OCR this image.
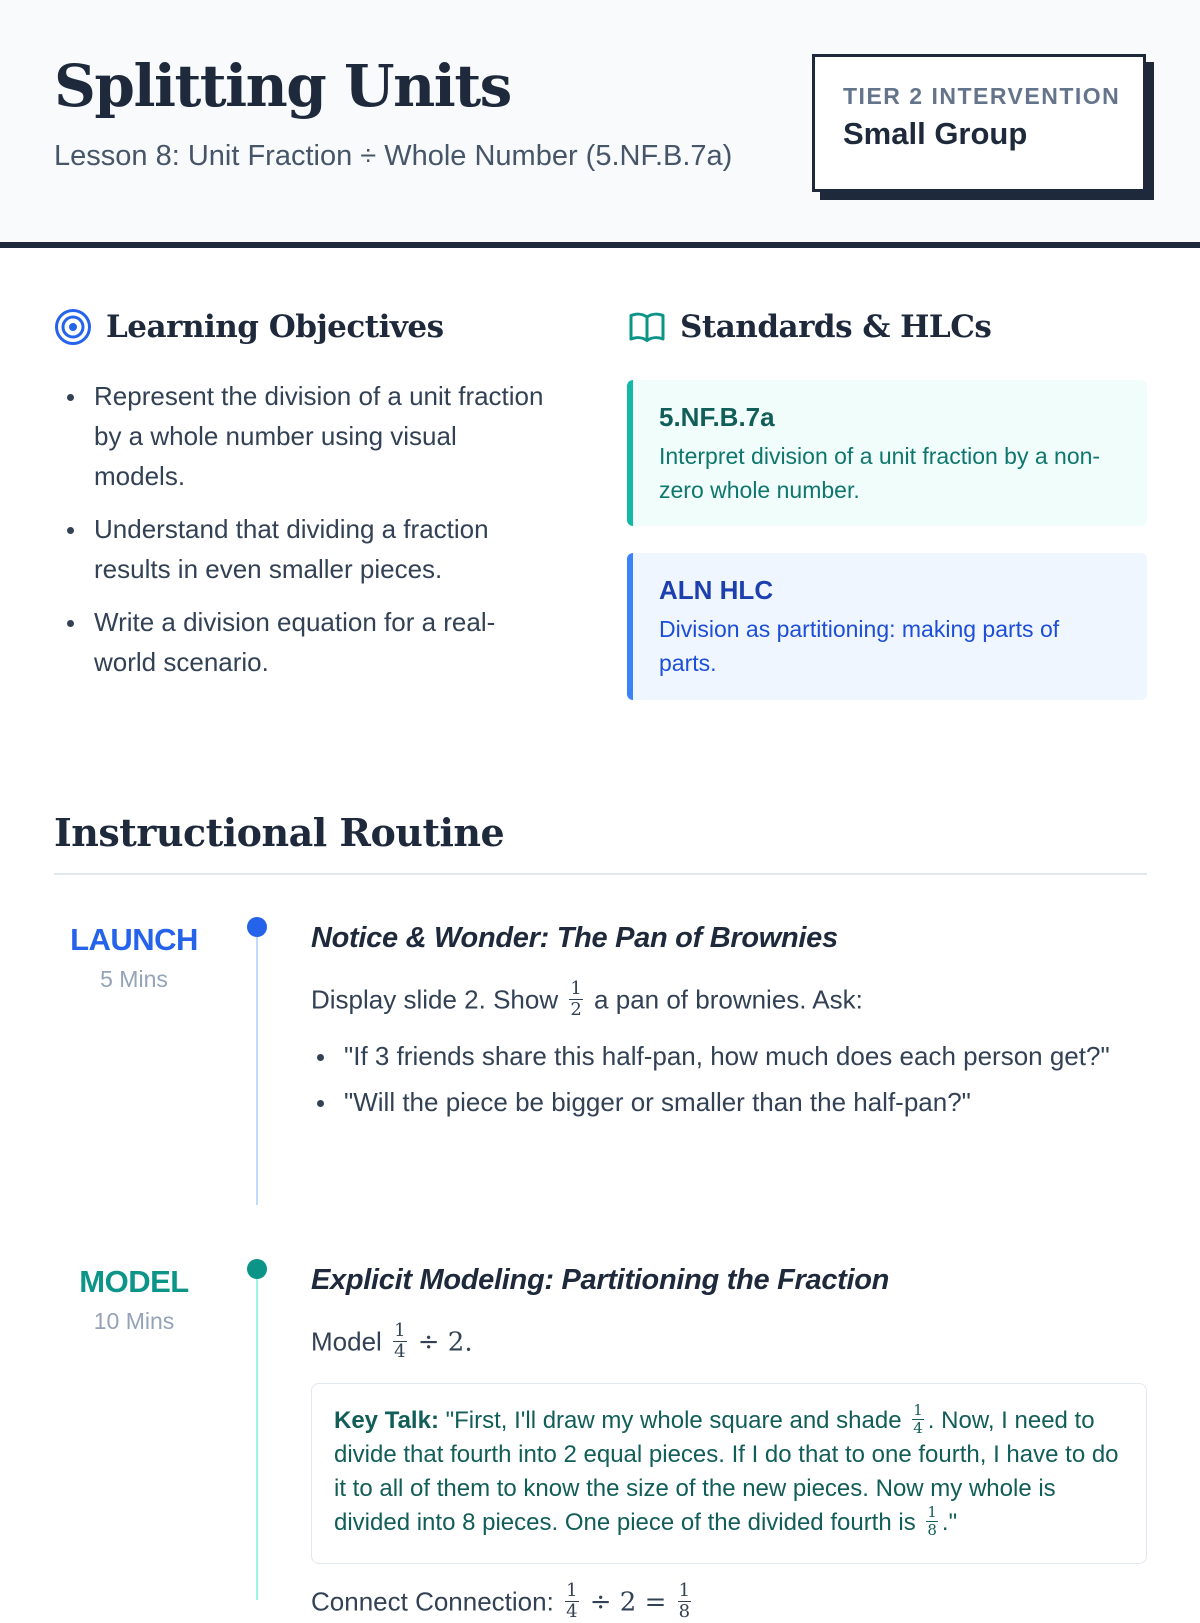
Splitting Units
Lesson 8: Unit Fraction ÷ Whole Number (5.NF.B.7a)
TIER 2 INTERVENTION
Small Group
Learning Objectives
Represent the division of a unit fraction by a whole number using visual models.
Understand that dividing a fraction results in even smaller pieces.
Write a division equation for a real-world scenario.
Standards & HLCs
5.NF.B.7a
Interpret division of a unit fraction by a non-zero whole number.
ALN HLC
Division as partitioning: making parts of parts.
Instructional Routine
LAUNCH
5 Mins
Notice & Wonder: The Pan of Brownies
Display slide 2. Show $\frac{1}{2}$ a pan of brownies. Ask:
"If 3 friends share this half-pan, how much does each person get?"
"Will the piece be bigger or smaller than the half-pan?"
MODEL
10 Mins
Explicit Modeling: Partitioning the Fraction
Model $\frac{1}{4} \div 2$.
Key Talk: "First, I'll draw my whole square and shade $\frac{1}{4}$ . Now, I need to divide that fourth into 2 equal pieces. If I do that to one fourth, I have to do it to all of them to know the size of the new pieces. Now my whole is divided into 8 pieces. One piece of the divided fourth is $\frac{1}{8}$ ."
Connect Connection: $\frac{1}{4} \div 2 = \frac{1}{8}$
